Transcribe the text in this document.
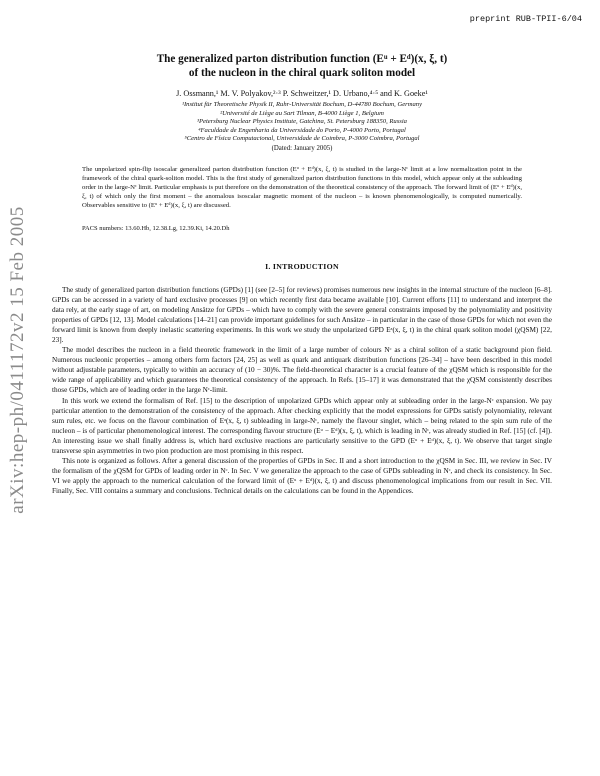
preprint RUB-TPII-6/04
arXiv:hep-ph/0411172v2 15 Feb 2005
The generalized parton distribution function (Eᵘ + Eᵈ)(x, ξ, t)
of the nucleon in the chiral quark soliton model
J. Ossmann,¹ M. V. Polyakov,²·³ P. Schweitzer,¹ D. Urbano,⁴·⁵ and K. Goeke¹
¹Institut für Theoretische Physik II, Ruhr-Universität Bochum, D-44780 Bochum, Germany
²Université de Liège au Sart Tilman, B-4000 Liège 1, Belgium
³Petersburg Nuclear Physics Institute, Gatchina, St. Petersburg 188350, Russia
⁴Faculdade de Engenharia da Universidade do Porto, P-4000 Porto, Portugal
⁵Centro de Física Computacional, Universidade de Coimbra, P-3000 Coimbra, Portugal
(Dated: January 2005)
The unpolarized spin-flip isoscalar generalized parton distribution function (Eᵘ + Eᵈ)(x, ξ, t) is studied in the large-Nᶜ limit at a low normalization point in the framework of the chiral quark-soliton model. This is the first study of generalized parton distribution functions in this model, which appear only at the subleading order in the large-Nᶜ limit. Particular emphasis is put therefore on the demonstration of the theoretical consistency of the approach. The forward limit of (Eᵘ + Eᵈ)(x, ξ, t) of which only the first moment – the anomalous isoscalar magnetic moment of the nucleon – is known phenomenologically, is computed numerically. Observables sensitive to (Eᵘ + Eᵈ)(x, ξ, t) are discussed.
PACS numbers: 13.60.Hb, 12.38.Lg, 12.39.Ki, 14.20.Dh
I. INTRODUCTION

The study of generalized parton distribution functions (GPDs) [1] (see [2–5] for reviews) promises numerous new insights in the internal structure of the nucleon [6–8]. GPDs can be accessed in a variety of hard exclusive processes [9] on which recently first data became available [10]. Current efforts [11] to understand and interpret the data rely, at the early stage of art, on modeling Ansätze for GPDs – which have to comply with the severe general constraints imposed by the polynomiality and positivity properties of GPDs [12, 13]. Model calculations [14–21] can provide important guidelines for such Ansätze – in particular in the case of those GPDs for which not even the forward limit is known from deeply inelastic scattering experiments. In this work we study the unpolarized GPD Eᵃ(x, ξ, t) in the chiral quark soliton model (χQSM) [22, 23].

The model describes the nucleon in a field theoretic framework in the limit of a large number of colours Nᶜ as a chiral soliton of a static background pion field. Numerous nucleonic properties – among others form factors [24, 25] as well as quark and antiquark distribution functions [26–34] – have been described in this model without adjustable parameters, typically to within an accuracy of (10 − 30)%. The field-theoretical character is a crucial feature of the χQSM which is responsible for the wide range of applicability and which guarantees the theoretical consistency of the approach. In Refs. [15–17] it was demonstrated that the χQSM consistently describes those GPDs, which are of leading order in the large Nᶜ-limit.

In this work we extend the formalism of Ref. [15] to the description of unpolarized GPDs which appear only at subleading order in the large-Nᶜ expansion. We pay particular attention to the demonstration of the consistency of the approach. After checking explicitly that the model expressions for GPDs satisfy polynomiality, relevant sum rules, etc. we focus on the flavour combination of Eᵃ(x, ξ, t) subleading in large-Nᶜ, namely the flavour singlet, which – being related to the spin sum rule of the nucleon – is of particular phenomenological interest. The corresponding flavour structure (Eᵘ − Eᵈ)(x, ξ, t), which is leading in Nᶜ, was already studied in Ref. [15] (cf. [4]). An interesting issue we shall finally address is, which hard exclusive reactions are particularly sensitive to the GPD (Eᵘ + Eᵈ)(x, ξ, t). We observe that target single transverse spin asymmetries in two pion production are most promising in this respect.

This note is organized as follows. After a general discussion of the properties of GPDs in Sec. II and a short introduction to the χQSM in Sec. III, we review in Sec. IV the formalism of the χQSM for GPDs of leading order in Nᶜ. In Sec. V we generalize the approach to the case of GPDs subleading in Nᶜ, and check its consistency. In Sec. VI we apply the approach to the numerical calculation of the forward limit of (Eᵘ + Eᵈ)(x, ξ, t) and discuss phenomenological implications from our result in Sec. VII. Finally, Sec. VIII contains a summary and conclusions. Technical details on the calculations can be found in the Appendices.
